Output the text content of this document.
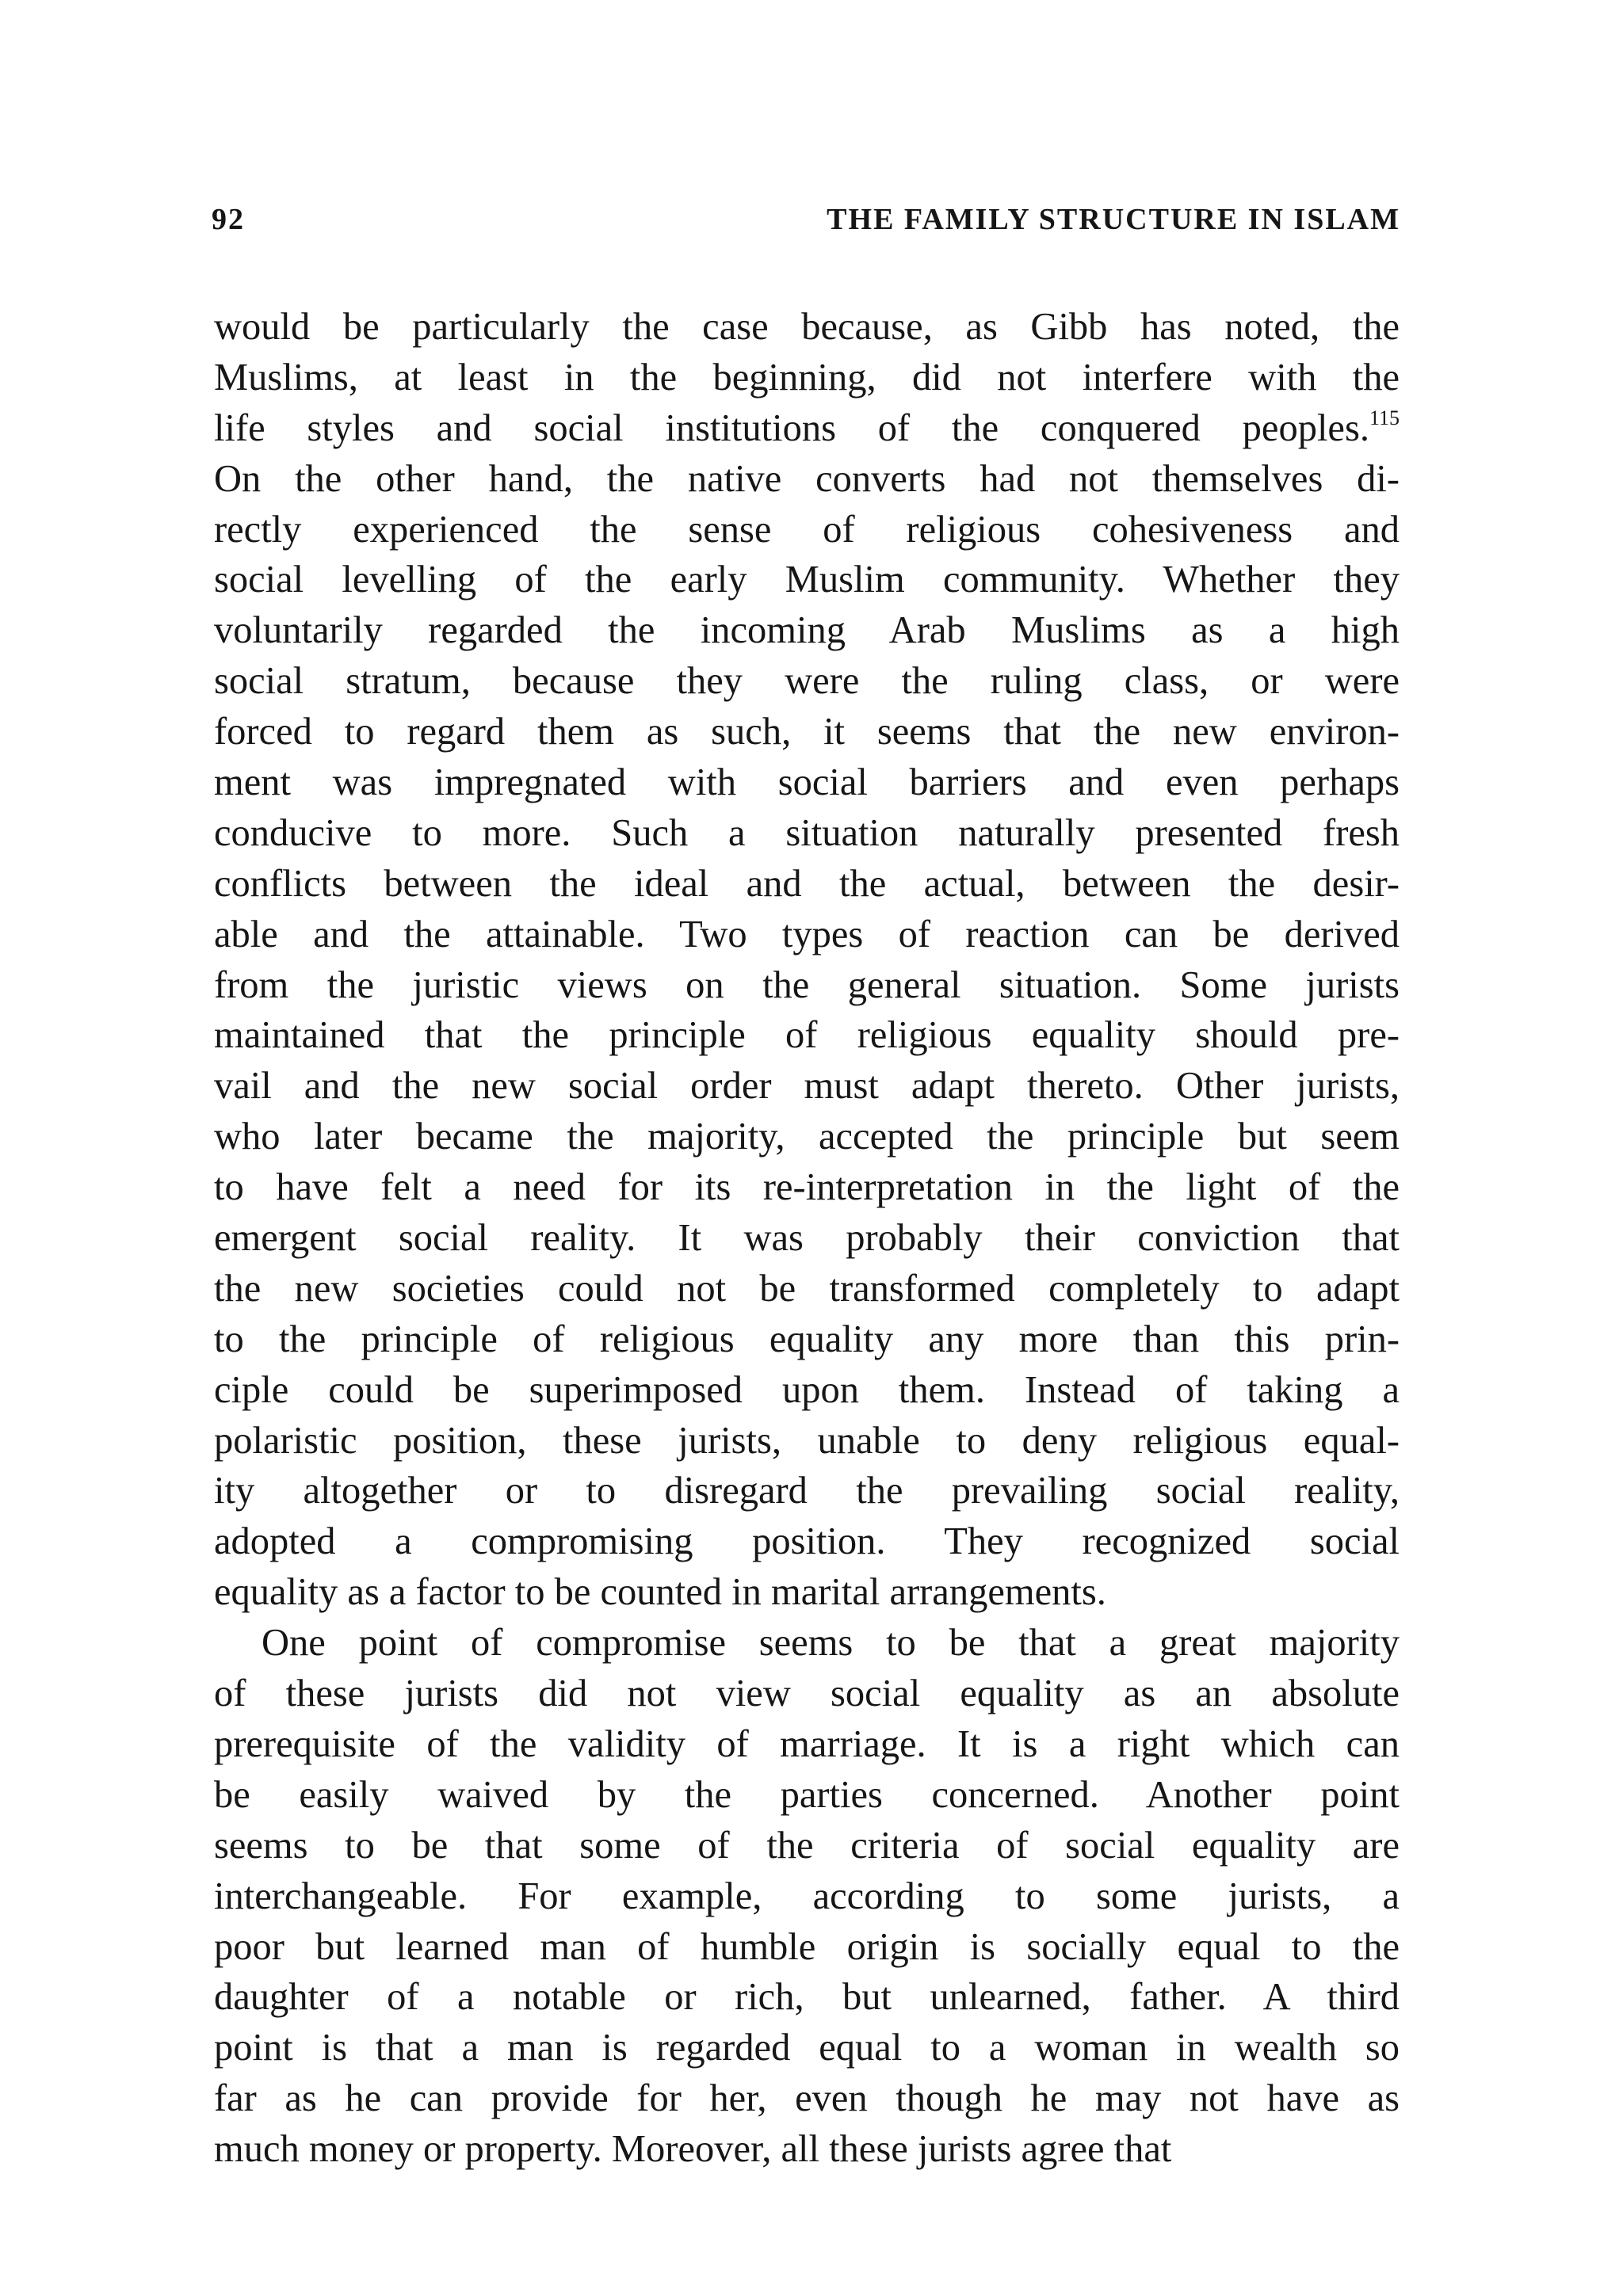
92	THE FAMILY STRUCTURE IN ISLAM
would be particularly the case because, as Gibb has noted, the
Muslims, at least in the beginning, did not interfere with the
life styles and social institutions of the conquered peoples.$^{115}$
On the other hand, the native converts had not themselves di-
rectly experienced the sense of religious cohesiveness and
social levelling of the early Muslim community. Whether they
voluntarily regarded the incoming Arab Muslims as a high
social stratum, because they were the ruling class, or were
forced to regard them as such, it seems that the new environ-
ment was impregnated with social barriers and even perhaps
conducive to more. Such a situation naturally presented fresh
conflicts between the ideal and the actual, between the desir-
able and the attainable. Two types of reaction can be derived
from the juristic views on the general situation. Some jurists
maintained that the principle of religious equality should pre-
vail and the new social order must adapt thereto. Other jurists,
who later became the majority, accepted the principle but seem
to have felt a need for its re-interpretation in the light of the
emergent social reality. It was probably their conviction that
the new societies could not be transformed completely to adapt
to the principle of religious equality any more than this prin-
ciple could be superimposed upon them. Instead of taking a
polaristic position, these jurists, unable to deny religious equal-
ity altogether or to disregard the prevailing social reality,
adopted a compromising position. They recognized social
equality as a factor to be counted in marital arrangements.
One point of compromise seems to be that a great majority
of these jurists did not view social equality as an absolute
prerequisite of the validity of marriage. It is a right which can
be easily waived by the parties concerned. Another point
seems to be that some of the criteria of social equality are
interchangeable. For example, according to some jurists, a
poor but learned man of humble origin is socially equal to the
daughter of a notable or rich, but unlearned, father. A third
point is that a man is regarded equal to a woman in wealth so
far as he can provide for her, even though he may not have as
much money or property. Moreover, all these jurists agree that
